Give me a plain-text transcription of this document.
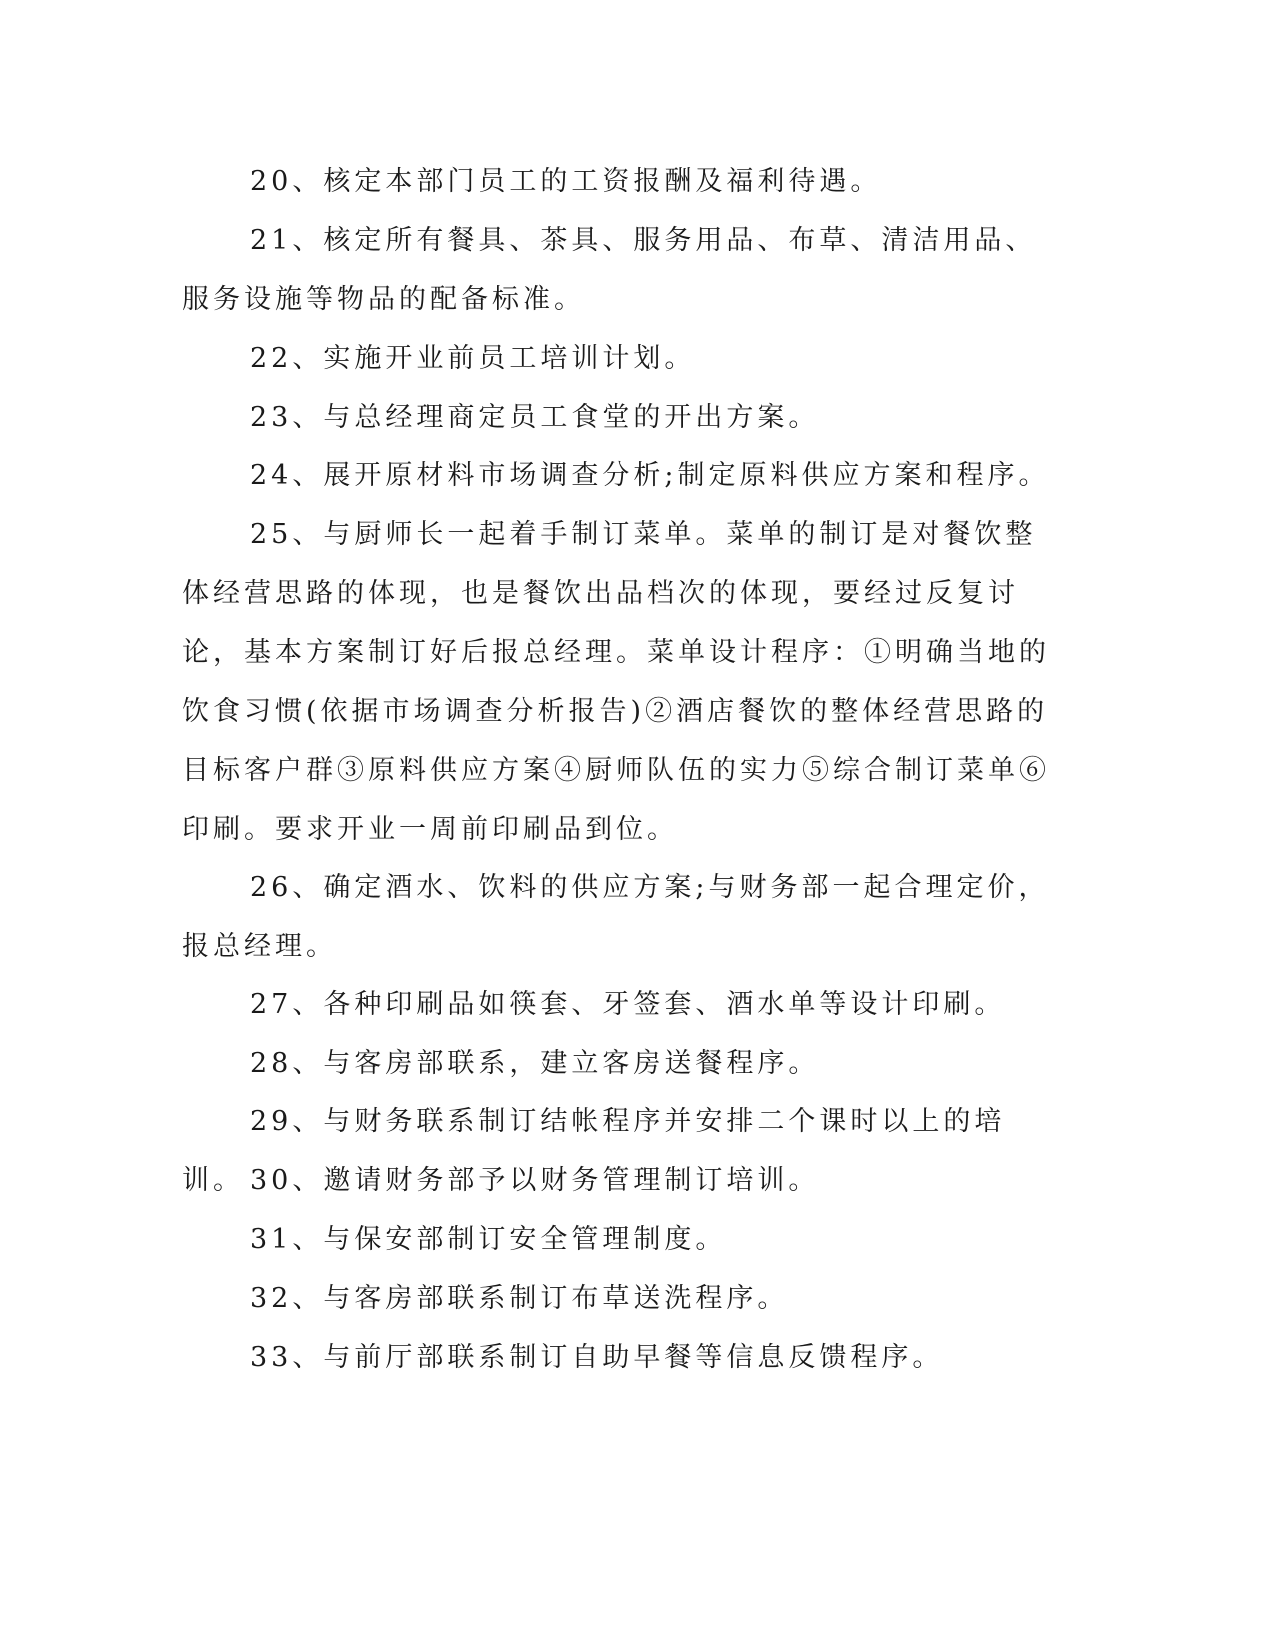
20、核定本部门员工的工资报酬及福利待遇。

21、核定所有餐具、茶具、服务用品、布草、清洁用品、服务设施等物品的配备标准。

22、实施开业前员工培训计划。

23、与总经理商定员工食堂的开出方案。

24、展开原材料市场调查分析;制定原料供应方案和程序。

25、与厨师长一起着手制订菜单。菜单的制订是对餐饮整体经营思路的体现，也是餐饮出品档次的体现，要经过反复讨论，基本方案制订好后报总经理。菜单设计程序：①明确当地的饮食习惯(依据市场调查分析报告)②酒店餐饮的整体经营思路的目标客户群③原料供应方案④厨师队伍的实力⑤综合制订菜单⑥印刷。要求开业一周前印刷品到位。

26、确定酒水、饮料的供应方案;与财务部一起合理定价，报总经理。

27、各种印刷品如筷套、牙签套、酒水单等设计印刷。

28、与客房部联系，建立客房送餐程序。

29、与财务联系制订结帐程序并安排二个课时以上的培训。 30、邀请财务部予以财务管理制订培训。

31、与保安部制订安全管理制度。

32、与客房部联系制订布草送洗程序。

33、与前厅部联系制订自助早餐等信息反馈程序。
